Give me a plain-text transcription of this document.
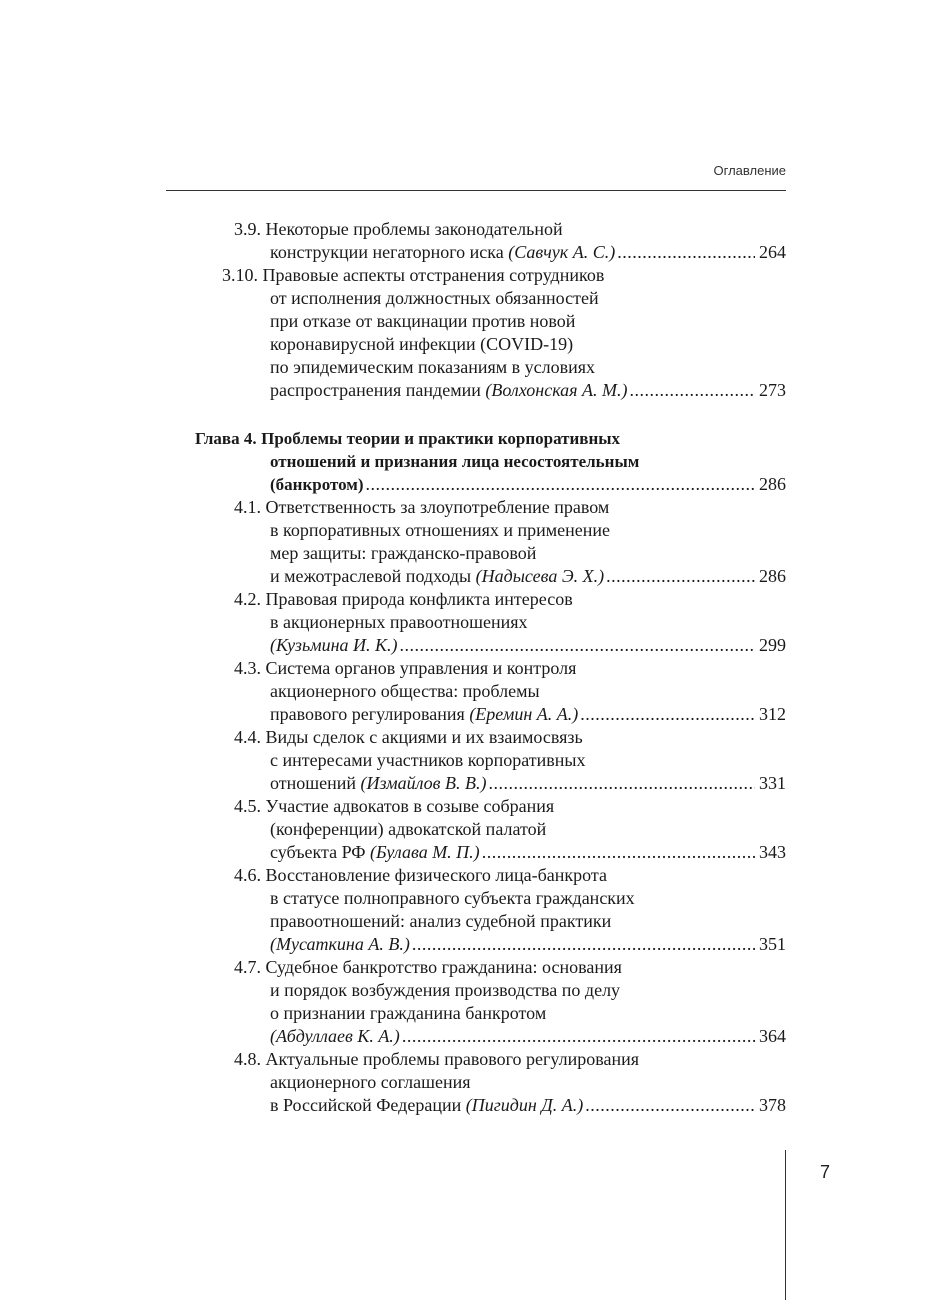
Оглавление
3.9. Некоторые проблемы законодательной
конструкции негаторного иска (Савчук А. С.) .....	264
3.10. Правовые аспекты отстранения сотрудников
от исполнения должностных обязанностей
при отказе от вакцинации против новой
коронавирусной инфекции (COVID-19)
по эпидемическим показаниям в условиях
распространения пандемии (Волхонская А. М.) .....	273
Глава 4. Проблемы теории и практики корпоративных
отношений и признания лица несостоятельным
(банкротом) .....	286
4.1. Ответственность за злоупотребление правом
в корпоративных отношениях и применение
мер защиты: гражданско-правовой
и межотраслевой подходы (Надысева Э. Х.) .....	286
4.2. Правовая природа конфликта интересов
в акционерных правоотношениях
(Кузьмина И. К.) .....	299
4.3. Система органов управления и контроля
акционерного общества: проблемы
правового регулирования (Еремин А. А.) .....	312
4.4. Виды сделок с акциями и их взаимосвязь
с интересами участников корпоративных
отношений (Измайлов В. В.) .....	331
4.5. Участие адвокатов в созыве собрания
(конференции) адвокатской палатой
субъекта РФ (Булава М. П.) .....	343
4.6. Восстановление физического лица-банкрота
в статусе полноправного субъекта гражданских
правоотношений: анализ судебной практики
(Мусаткина А. В.) .....	351
4.7. Судебное банкротство гражданина: основания
и порядок возбуждения производства по делу
о признании гражданина банкротом
(Абдуллаев К. А.) .....	364
4.8. Актуальные проблемы правового регулирования
акционерного соглашения
в Российской Федерации (Пигидин Д. А.) .....	378
7
